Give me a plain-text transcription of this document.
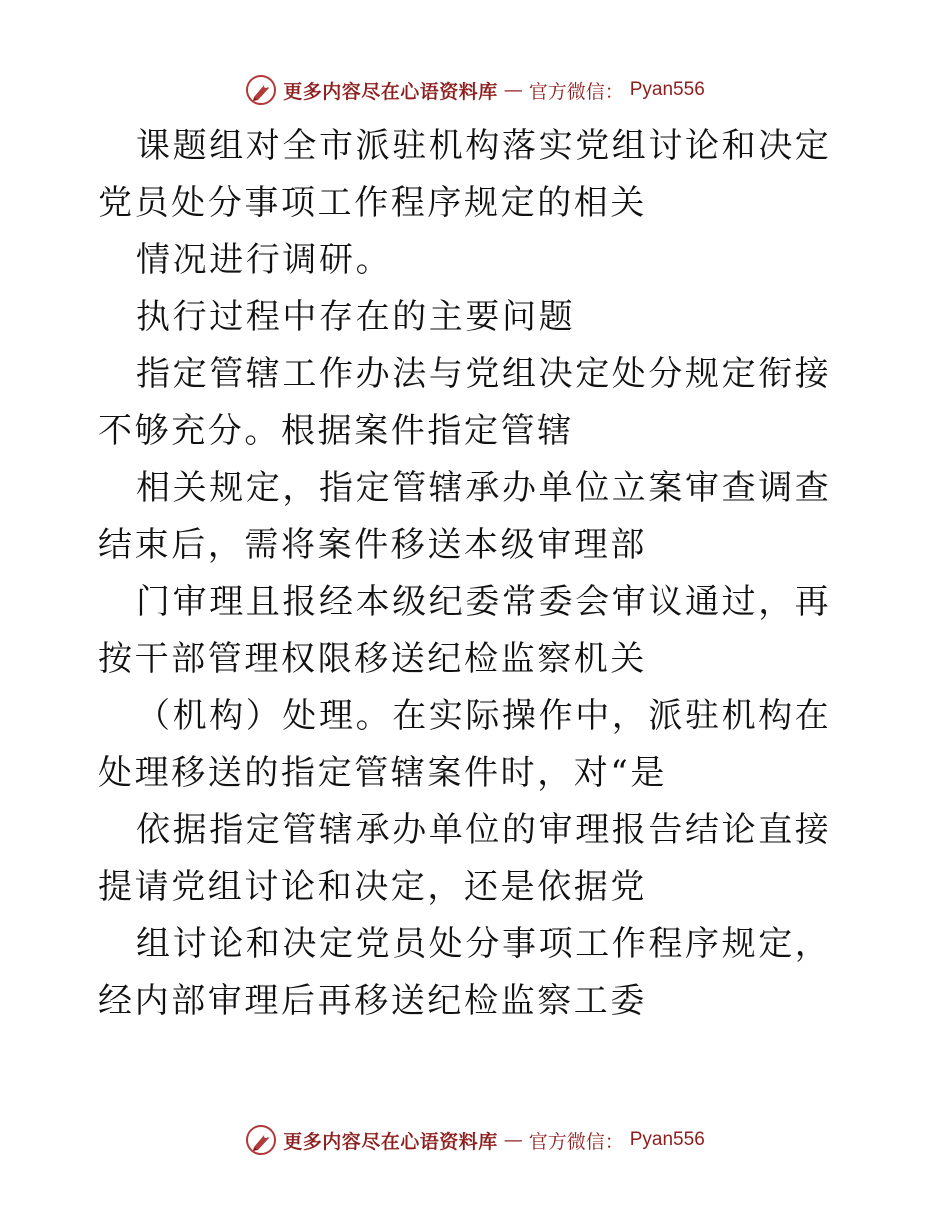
更多内容尽在心语资料库 — 官方微信： Pyan556

课题组对全市派驻机构落实党组讨论和决定党员处分事项工作程序规定的相关

情况进行调研。

执行过程中存在的主要问题

指定管辖工作办法与党组决定处分规定衔接不够充分。根据案件指定管辖

相关规定，指定管辖承办单位立案审查调查结束后，需将案件移送本级审理部

门审理且报经本级纪委常委会审议通过，再按干部管理权限移送纪检监察机关

（机构）处理。在实际操作中，派驻机构在处理移送的指定管辖案件时，对“是

依据指定管辖承办单位的审理报告结论直接提请党组讨论和决定，还是依据党

组讨论和决定党员处分事项工作程序规定，经内部审理后再移送纪检监察工委

更多内容尽在心语资料库 — 官方微信： Pyan556
